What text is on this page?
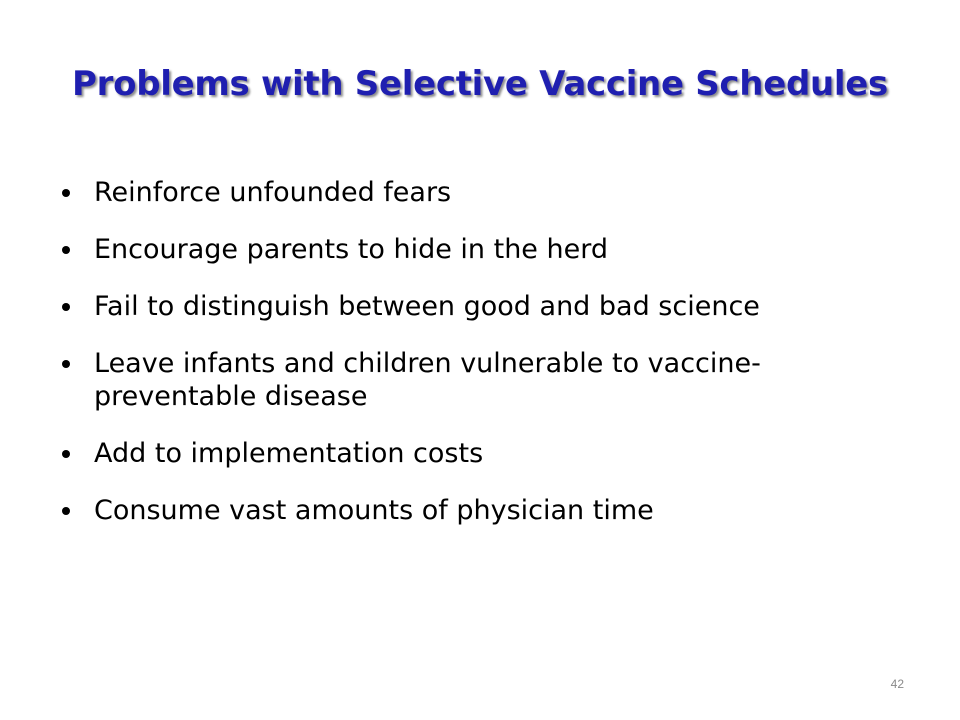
Problems with Selective Vaccine Schedules
Reinforce unfounded fears
Encourage parents to hide in the herd
Fail to distinguish between good and bad science
Leave infants and children vulnerable to vaccine-preventable disease
Add to implementation costs
Consume vast amounts of physician time
42
